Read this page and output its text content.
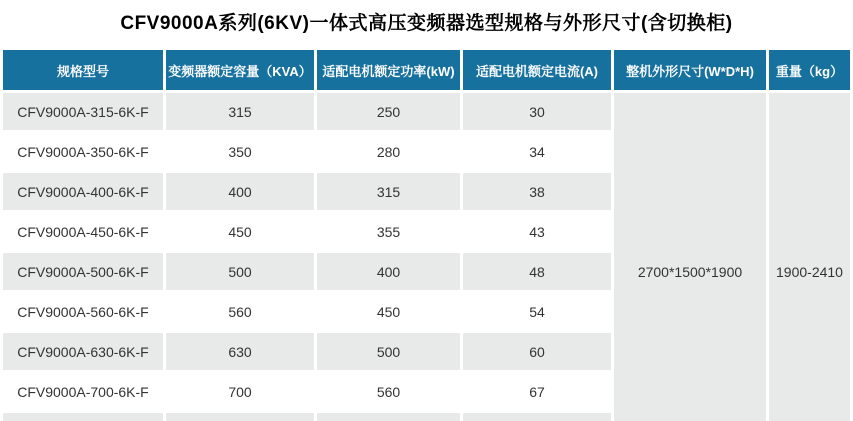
CFV9000A系列(6KV)一体式高压变频器选型规格与外形尺寸(含切换柜)
规格型号	变频器额定容量（KVA）	适配电机额定功率(kW)	适配电机额定电流(A)	整机外形尺寸(W*D*H)	重量（kg）
CFV9000A-315-6K-F	315	250	30	2700*1500*1900	1900-2410
CFV9000A-350-6K-F	350	280	34		
CFV9000A-400-6K-F	400	315	38		
CFV9000A-450-6K-F	450	355	43		
CFV9000A-500-6K-F	500	400	48		
CFV9000A-560-6K-F	560	450	54		
CFV9000A-630-6K-F	630	500	60		
CFV9000A-700-6K-F	700	560	67		
